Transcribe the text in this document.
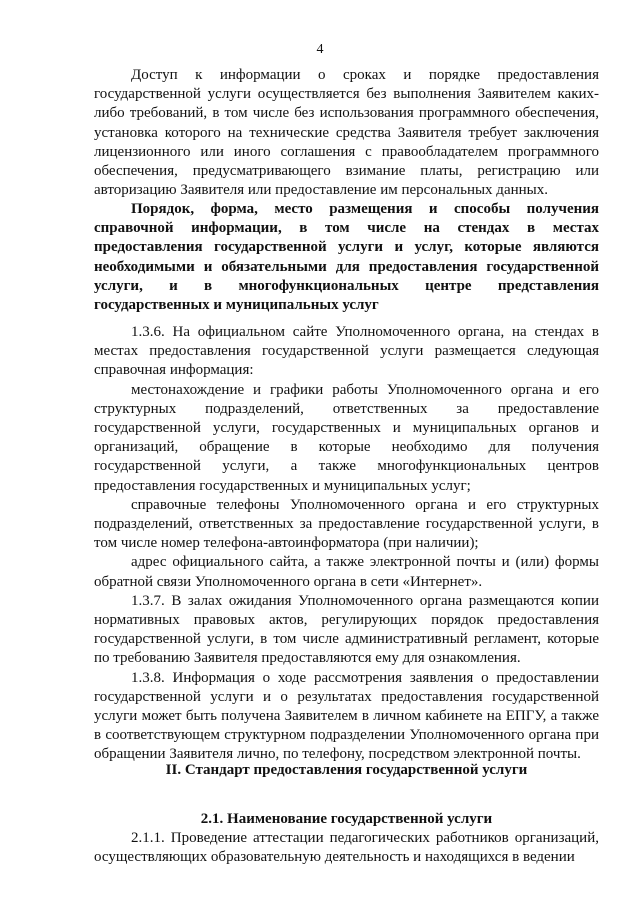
4

Доступ к информации о сроках и порядке предоставления государственной услуги осуществляется без выполнения Заявителем каких-либо требований, в том числе без использования программного обеспечения, установка которого на технические средства Заявителя требует заключения лицензионного или иного соглашения с правообладателем программного обеспечения, предусматривающего взимание платы, регистрацию или авторизацию Заявителя или предоставление им персональных данных.

Порядок, форма, место размещения и способы получения справочной информации, в том числе на стендах в местах предоставления государственной услуги и услуг, которые являются необходимыми и обязательными для предоставления государственной услуги, и в многофункциональных центре представления государственных и муниципальных услуг

1.3.6. На официальном сайте Уполномоченного органа, на стендах в местах предоставления государственной услуги размещается следующая справочная информация:

местонахождение и графики работы Уполномоченного органа и его структурных подразделений, ответственных за предоставление государственной услуги, государственных и муниципальных органов и организаций, обращение в которые необходимо для получения государственной услуги, а также многофункциональных центров предоставления государственных и муниципальных услуг;

справочные телефоны Уполномоченного органа и его структурных подразделений, ответственных за предоставление государственной услуги, в том числе номер телефона-автоинформатора (при наличии);

адрес официального сайта, а также электронной почты и (или) формы обратной связи Уполномоченного органа в сети «Интернет».

1.3.7. В залах ожидания Уполномоченного органа размещаются копии нормативных правовых актов, регулирующих порядок предоставления государственной услуги, в том числе административный регламент, которые по требованию Заявителя предоставляются ему для ознакомления.

1.3.8. Информация о ходе рассмотрения заявления о предоставлении государственной услуги и о результатах предоставления государственной услуги может быть получена Заявителем в личном кабинете на ЕПГУ, а также в соответствующем структурном подразделении Уполномоченного органа при обращении Заявителя лично, по телефону, посредством электронной почты.

II. Стандарт предоставления государственной услуги

2.1. Наименование государственной услуги

2.1.1. Проведение аттестации педагогических работников организаций, осуществляющих образовательную деятельность и находящихся в ведении
